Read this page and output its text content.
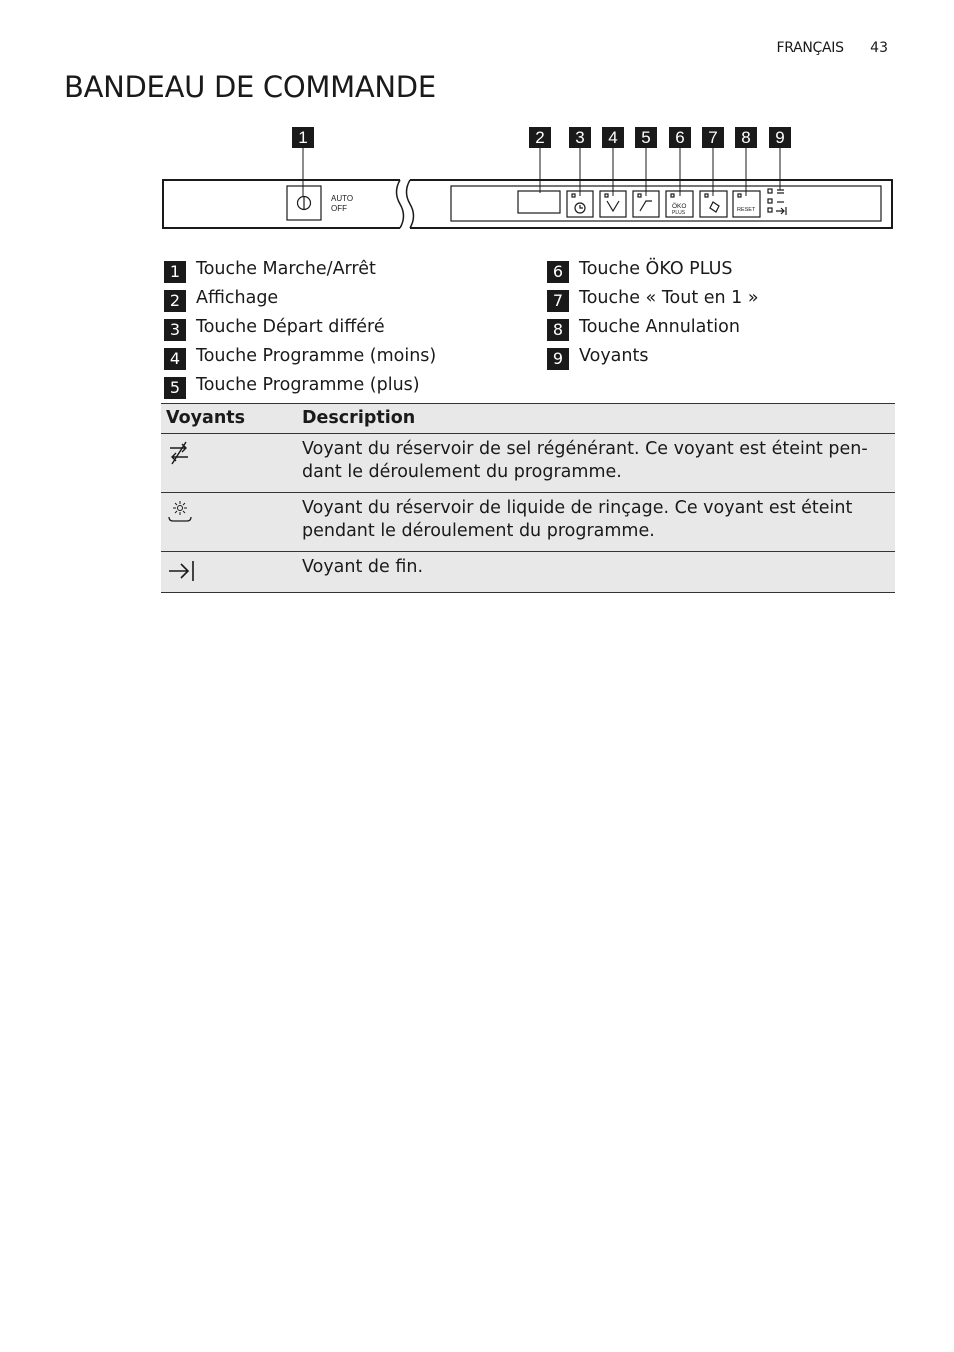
FRANÇAIS 43
BANDEAU DE COMMANDE
1	2 3 4 5 6 7 8 9
AUTO
OFF	ÖKO
PLUS	RESET
1 Touche Marche/Arrêt
2 Affichage
3 Touche Départ différé
4 Touche Programme (moins)
5 Touche Programme (plus)
6 Touche ÖKO PLUS
7 Touche « Tout en 1 »
8 Touche Annulation
9 Voyants
Voyants	Description

	Voyant du réservoir de sel régénérant. Ce voyant est éteint pen-dant le déroulement du programme.

	Voyant du réservoir de liquide de rinçage. Ce voyant est éteint pendant le déroulement du programme.

	Voyant de fin.
